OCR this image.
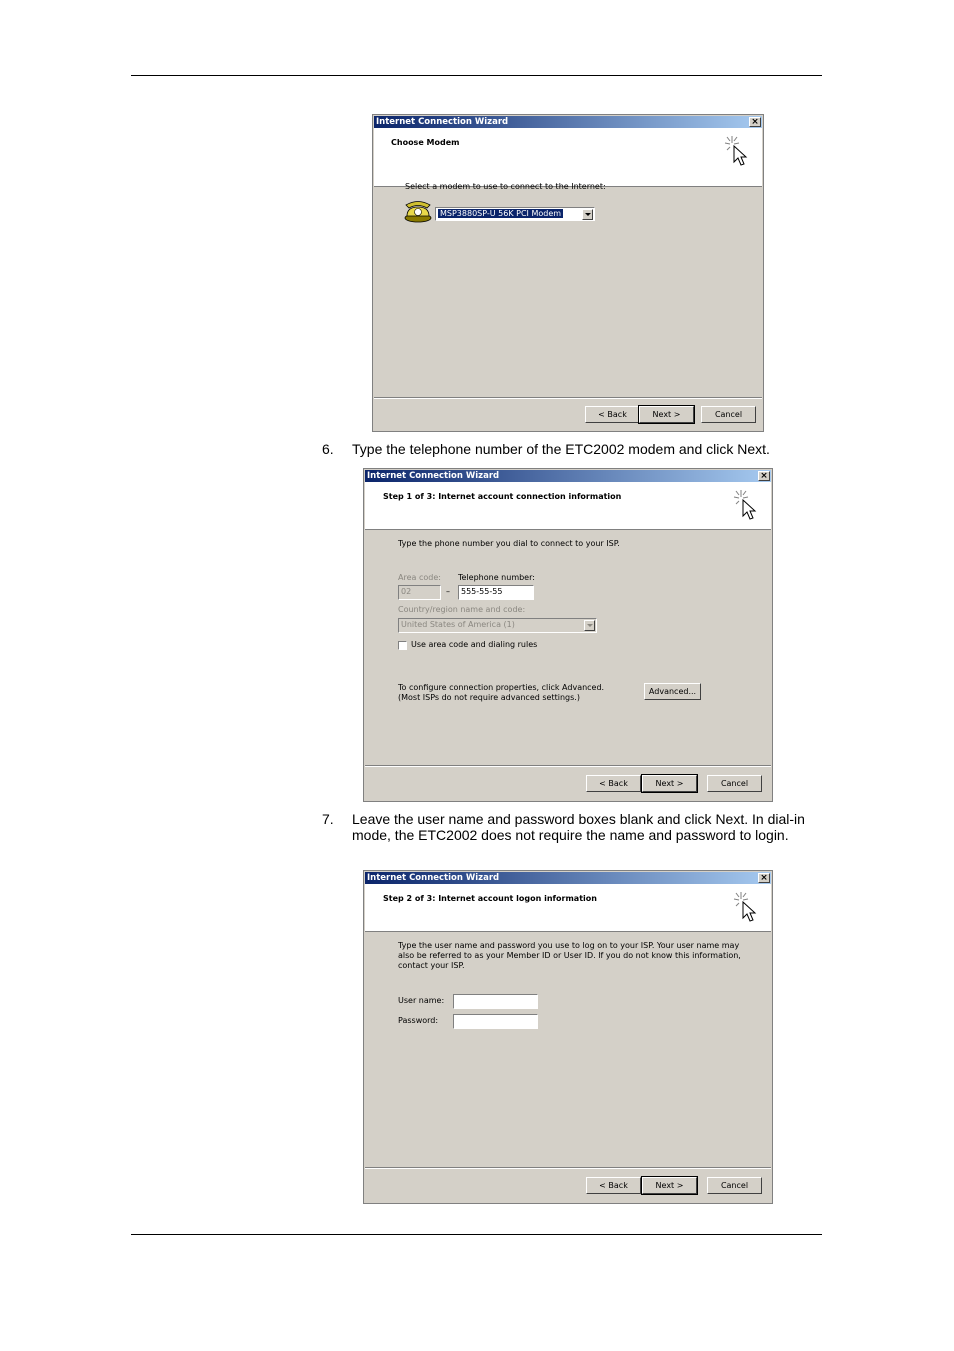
Internet Connection Wizard	×
Choose Modem
Select a modem to use to connect to the Internet:
MSP3880SP-U 56K PCI Modem
< Back	Next >	Cancel
6. Type the telephone number of the ETC2002 modem and click Next.
Internet Connection Wizard	×
Step 1 of 3: Internet account connection information
Type the phone number you dial to connect to your ISP.
Area code:
02	–
Telephone number:
555-55-55
Country/region name and code:
United States of America (1)
Use area code and dialing rules
To configure connection properties, click Advanced.
(Most ISPs do not require advanced settings.)
Advanced...
< Back	Next >	Cancel
7. Leave the user name and password boxes blank and click Next. In dial-in mode, the ETC2002 does not require the name and password to login.
Internet Connection Wizard	×
Step 2 of 3: Internet account logon information
Type the user name and password you use to log on to your ISP. Your user name may
also be referred to as your Member ID or User ID. If you do not know this information,
contact your ISP.
User name:
Password:
< Back	Next >	Cancel
